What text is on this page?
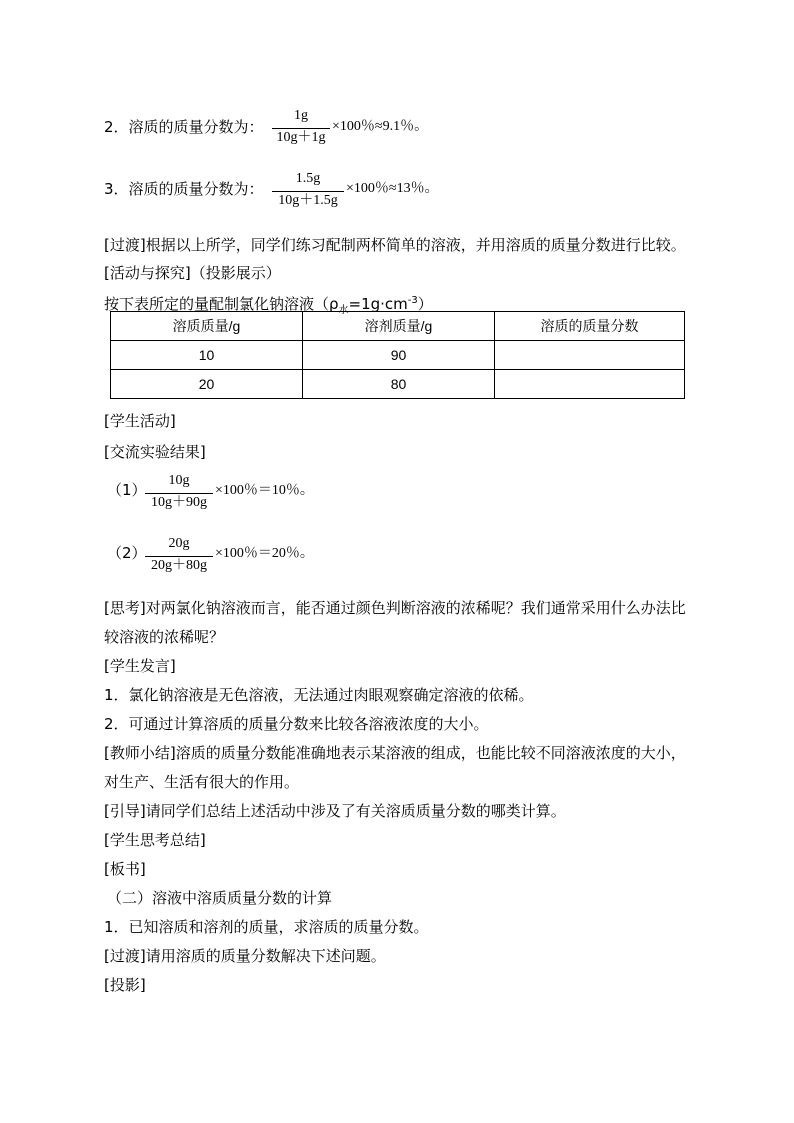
2．溶质的质量分数为：
1g
10g＋1g
×100％≈9.1％。
3．溶质的质量分数为：
1.5g
10g＋1.5g
×100％≈13％。
[过渡]根据以上所学，同学们练习配制两杯简单的溶液，并用溶质的质量分数进行比较。
[活动与探究]（投影展示）
按下表所定的量配制氯化钠溶液$(\rho_水=1g\cdot cm^{-3})$
溶质质量/g	溶剂质量/g	溶质的质量分数
10	90	
20	80	
[学生活动]
[交流实验结果]
（1）
10g
10g＋90g
×100％＝10％。
（2）
20g
20g＋80g
×100％＝20％。
[思考]对两氯化钠溶液而言，能否通过颜色判断溶液的浓稀呢？我们通常采用什么办法比
较溶液的浓稀呢？
[学生发言]
1．氯化钠溶液是无色溶液，无法通过肉眼观察确定溶液的依稀。
2．可通过计算溶质的质量分数来比较各溶液浓度的大小。
[教师小结]溶质的质量分数能准确地表示某溶液的组成，也能比较不同溶液浓度的大小，
对生产、生活有很大的作用。
[引导]请同学们总结上述活动中涉及了有关溶质质量分数的哪类计算。
[学生思考总结]
[板书]
（二）溶液中溶质质量分数的计算
1．已知溶质和溶剂的质量，求溶质的质量分数。
[过渡]请用溶质的质量分数解决下述问题。
[投影]
